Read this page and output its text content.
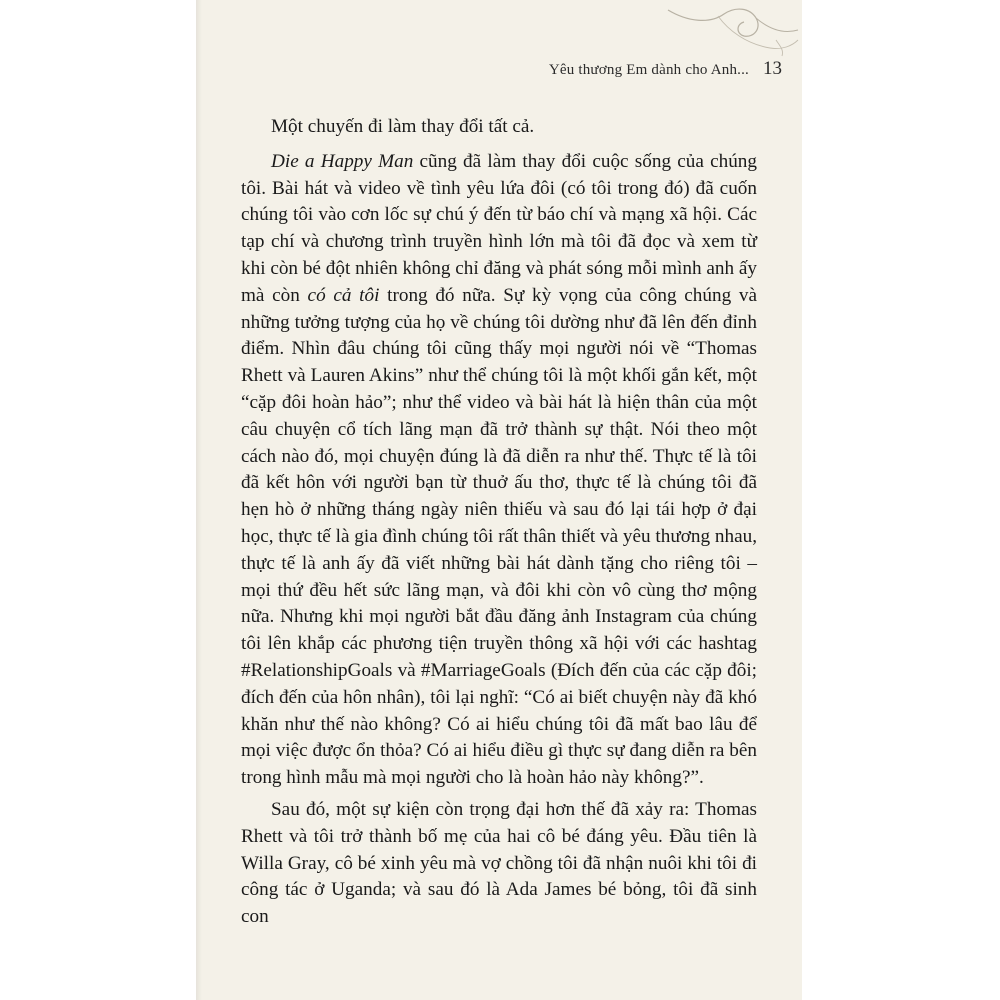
Yêu thương Em dành cho Anh... 13

Một chuyến đi làm thay đổi tất cả.

Die a Happy Man cũng đã làm thay đổi cuộc sống của chúng tôi. Bài hát và video về tình yêu lứa đôi (có tôi trong đó) đã cuốn chúng tôi vào cơn lốc sự chú ý đến từ báo chí và mạng xã hội. Các tạp chí và chương trình truyền hình lớn mà tôi đã đọc và xem từ khi còn bé đột nhiên không chỉ đăng và phát sóng mỗi mình anh ấy mà còn có cả tôi trong đó nữa. Sự kỳ vọng của công chúng và những tưởng tượng của họ về chúng tôi dường như đã lên đến đỉnh điểm. Nhìn đâu chúng tôi cũng thấy mọi người nói về “Thomas Rhett và Lauren Akins” như thể chúng tôi là một khối gắn kết, một “cặp đôi hoàn hảo”; như thể video và bài hát là hiện thân của một câu chuyện cổ tích lãng mạn đã trở thành sự thật. Nói theo một cách nào đó, mọi chuyện đúng là đã diễn ra như thế. Thực tế là tôi đã kết hôn với người bạn từ thuở ấu thơ, thực tế là chúng tôi đã hẹn hò ở những tháng ngày niên thiếu và sau đó lại tái hợp ở đại học, thực tế là gia đình chúng tôi rất thân thiết và yêu thương nhau, thực tế là anh ấy đã viết những bài hát dành tặng cho riêng tôi – mọi thứ đều hết sức lãng mạn, và đôi khi còn vô cùng thơ mộng nữa. Nhưng khi mọi người bắt đầu đăng ảnh Instagram của chúng tôi lên khắp các phương tiện truyền thông xã hội với các hashtag #RelationshipGoals và #MarriageGoals (Đích đến của các cặp đôi; đích đến của hôn nhân), tôi lại nghĩ: “Có ai biết chuyện này đã khó khăn như thế nào không? Có ai hiểu chúng tôi đã mất bao lâu để mọi việc được ổn thỏa? Có ai hiểu điều gì thực sự đang diễn ra bên trong hình mẫu mà mọi người cho là hoàn hảo này không?”.

Sau đó, một sự kiện còn trọng đại hơn thế đã xảy ra: Thomas Rhett và tôi trở thành bố mẹ của hai cô bé đáng yêu. Đầu tiên là Willa Gray, cô bé xinh yêu mà vợ chồng tôi đã nhận nuôi khi tôi đi công tác ở Uganda; và sau đó là Ada James bé bỏng, tôi đã sinh con
